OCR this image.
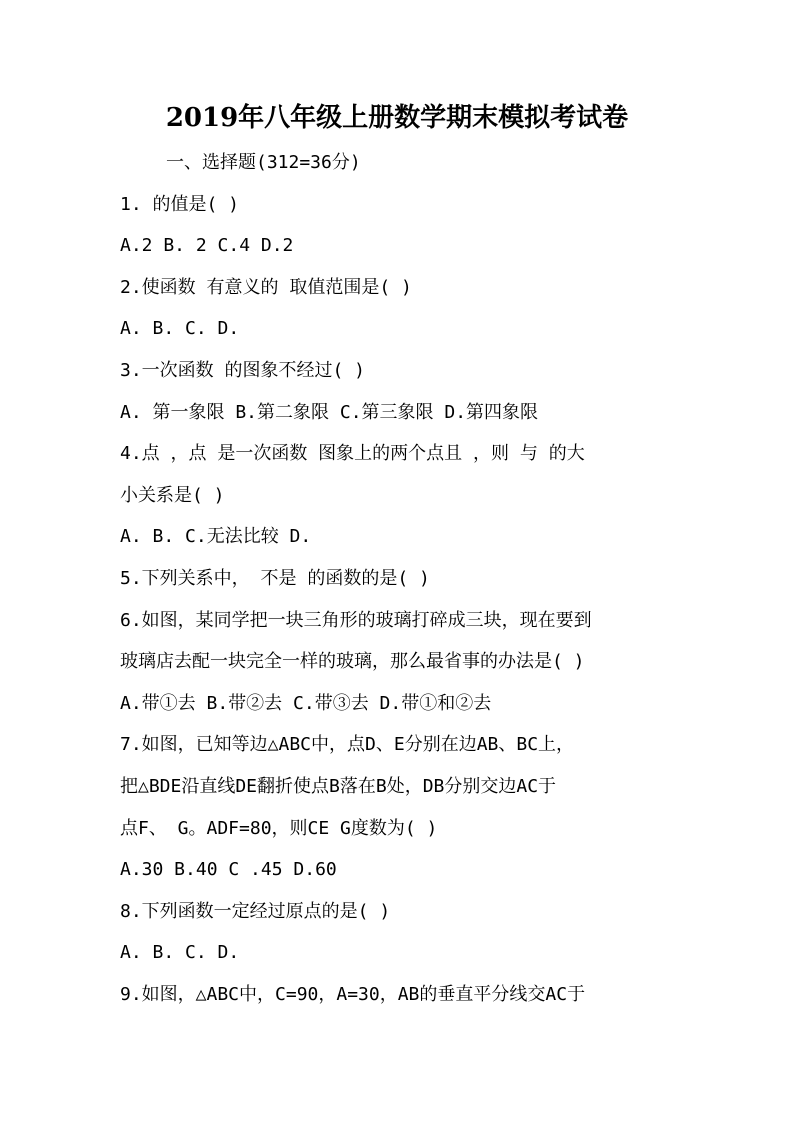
2019年八年级上册数学期末模拟考试卷
一、选择题(312=36分)
1. 的值是( )
A.2 B. 2 C.4 D.2
2.使函数 有意义的 取值范围是( )
A. B. C. D.
3.一次函数 的图象不经过( )
A. 第一象限 B.第二象限 C.第三象限 D.第四象限
4.点 ，点 是一次函数 图象上的两个点且 ，则 与 的大
小关系是( )
A. B. C.无法比较 D.
5.下列关系中， 不是 的函数的是( )
6.如图，某同学把一块三角形的玻璃打碎成三块，现在要到
玻璃店去配一块完全一样的玻璃，那么最省事的办法是( )
A.带①去 B.带②去 C.带③去 D.带①和②去
7.如图，已知等边△ABC中，点D、E分别在边AB、BC上，
把△BDE沿直线DE翻折使点B落在B处，DB分别交边AC于
点F、 G。ADF=80，则CE G度数为( )
A.30 B.40 C .45 D.60
8.下列函数一定经过原点的是( )
A. B. C. D.
9.如图，△ABC中，C=90，A=30，AB的垂直平分线交AC于
